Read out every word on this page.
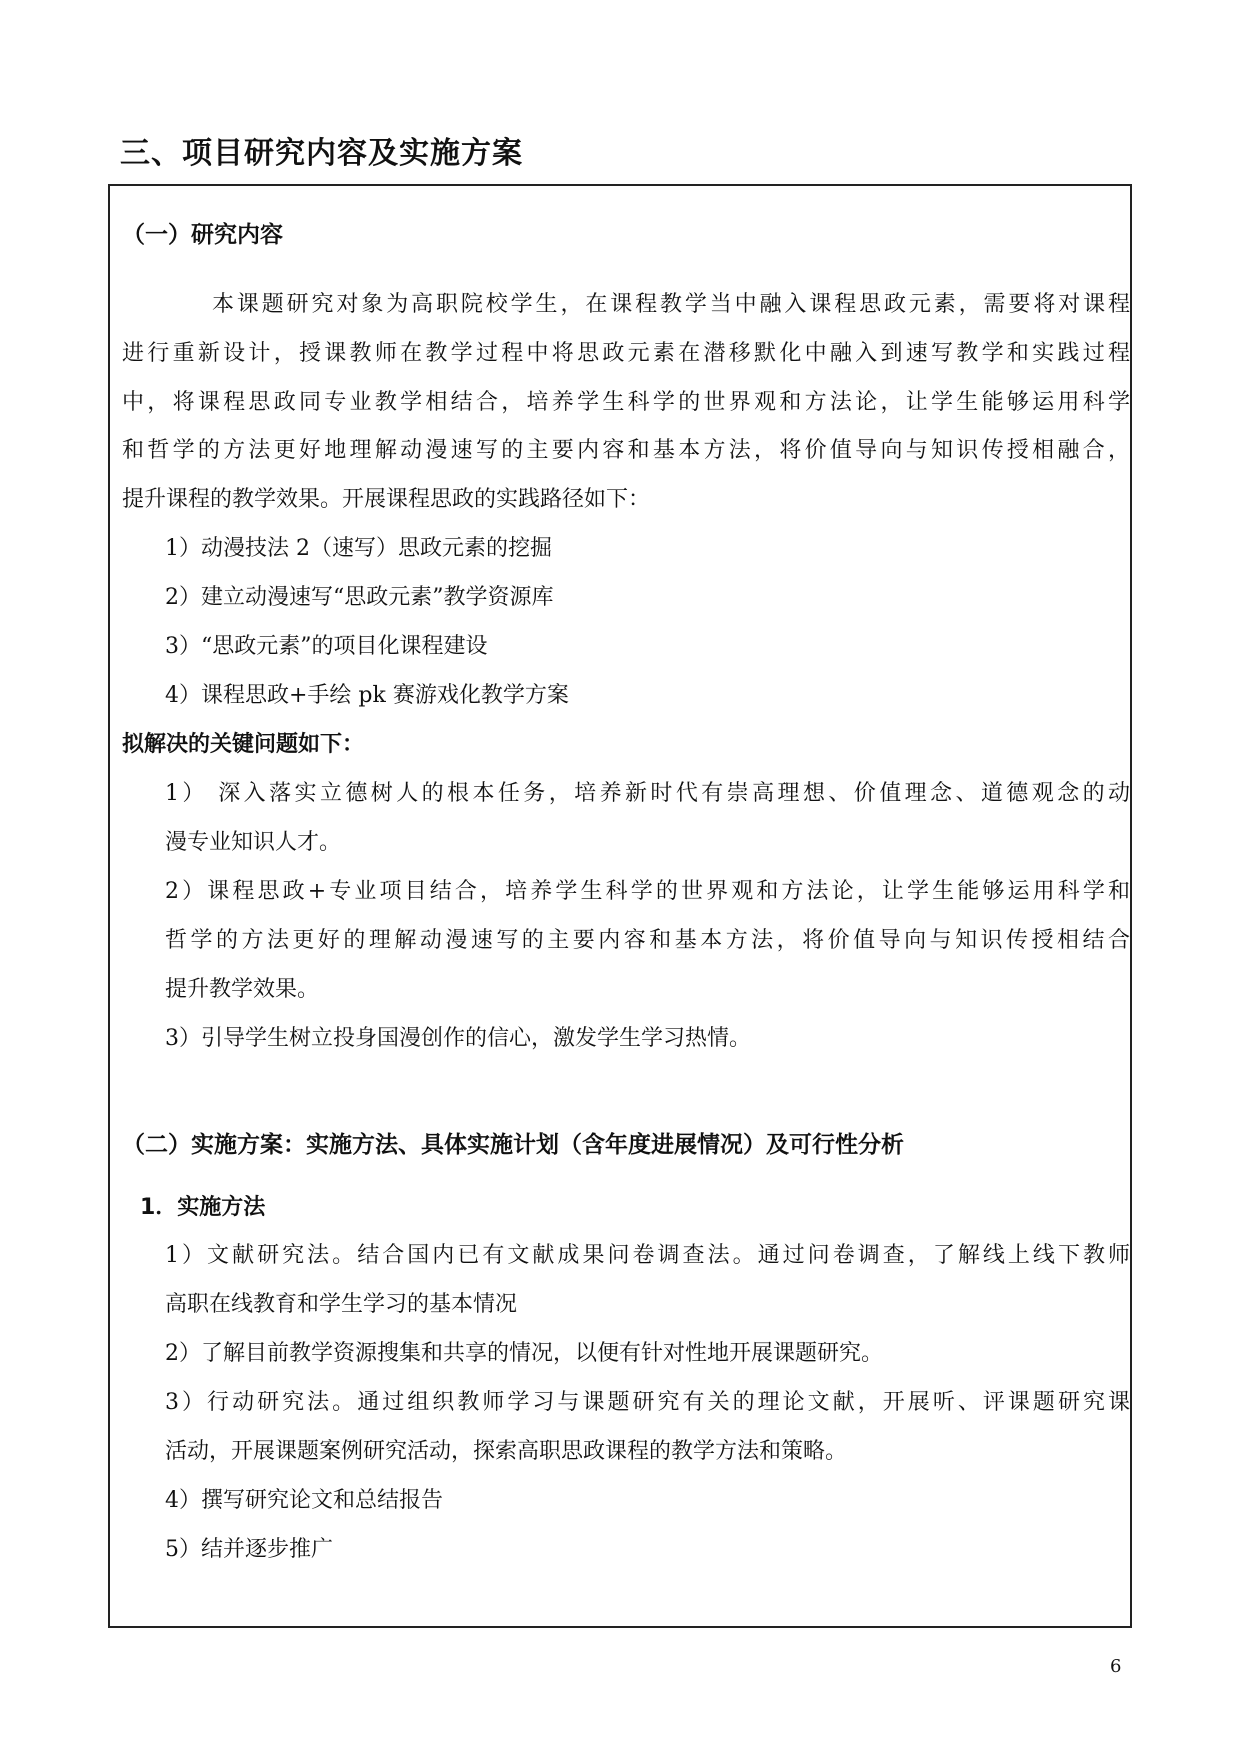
三、项目研究内容及实施方案
（一）研究内容
本课题研究对象为高职院校学生，在课程教学当中融入课程思政元素，需要将对课程
进行重新设计，授课教师在教学过程中将思政元素在潜移默化中融入到速写教学和实践过程
中，将课程思政同专业教学相结合，培养学生科学的世界观和方法论，让学生能够运用科学
和哲学的方法更好地理解动漫速写的主要内容和基本方法，将价值导向与知识传授相融合，
提升课程的教学效果。开展课程思政的实践路径如下：
1）动漫技法 2（速写）思政元素的挖掘
2）建立动漫速写“思政元素”教学资源库
3）“思政元素”的项目化课程建设
4）课程思政+手绘 pk 赛游戏化教学方案
拟解决的关键问题如下：
1） 深入落实立德树人的根本任务，培养新时代有崇高理想、价值理念、道德观念的动
漫专业知识人才。
2）课程思政+专业项目结合，培养学生科学的世界观和方法论，让学生能够运用科学和
哲学的方法更好的理解动漫速写的主要内容和基本方法，将价值导向与知识传授相结合
提升教学效果。
3）引导学生树立投身国漫创作的信心，激发学生学习热情。
（二）实施方案：实施方法、具体实施计划（含年度进展情况）及可行性分析
1．实施方法
1）文献研究法。结合国内已有文献成果问卷调查法。通过问卷调查，了解线上线下教师
高职在线教育和学生学习的基本情况
2）了解目前教学资源搜集和共享的情况，以便有针对性地开展课题研究。
3）行动研究法。通过组织教师学习与课题研究有关的理论文献，开展听、评课题研究课
活动，开展课题案例研究活动，探索高职思政课程的教学方法和策略。
4）撰写研究论文和总结报告
5）结并逐步推广
6
